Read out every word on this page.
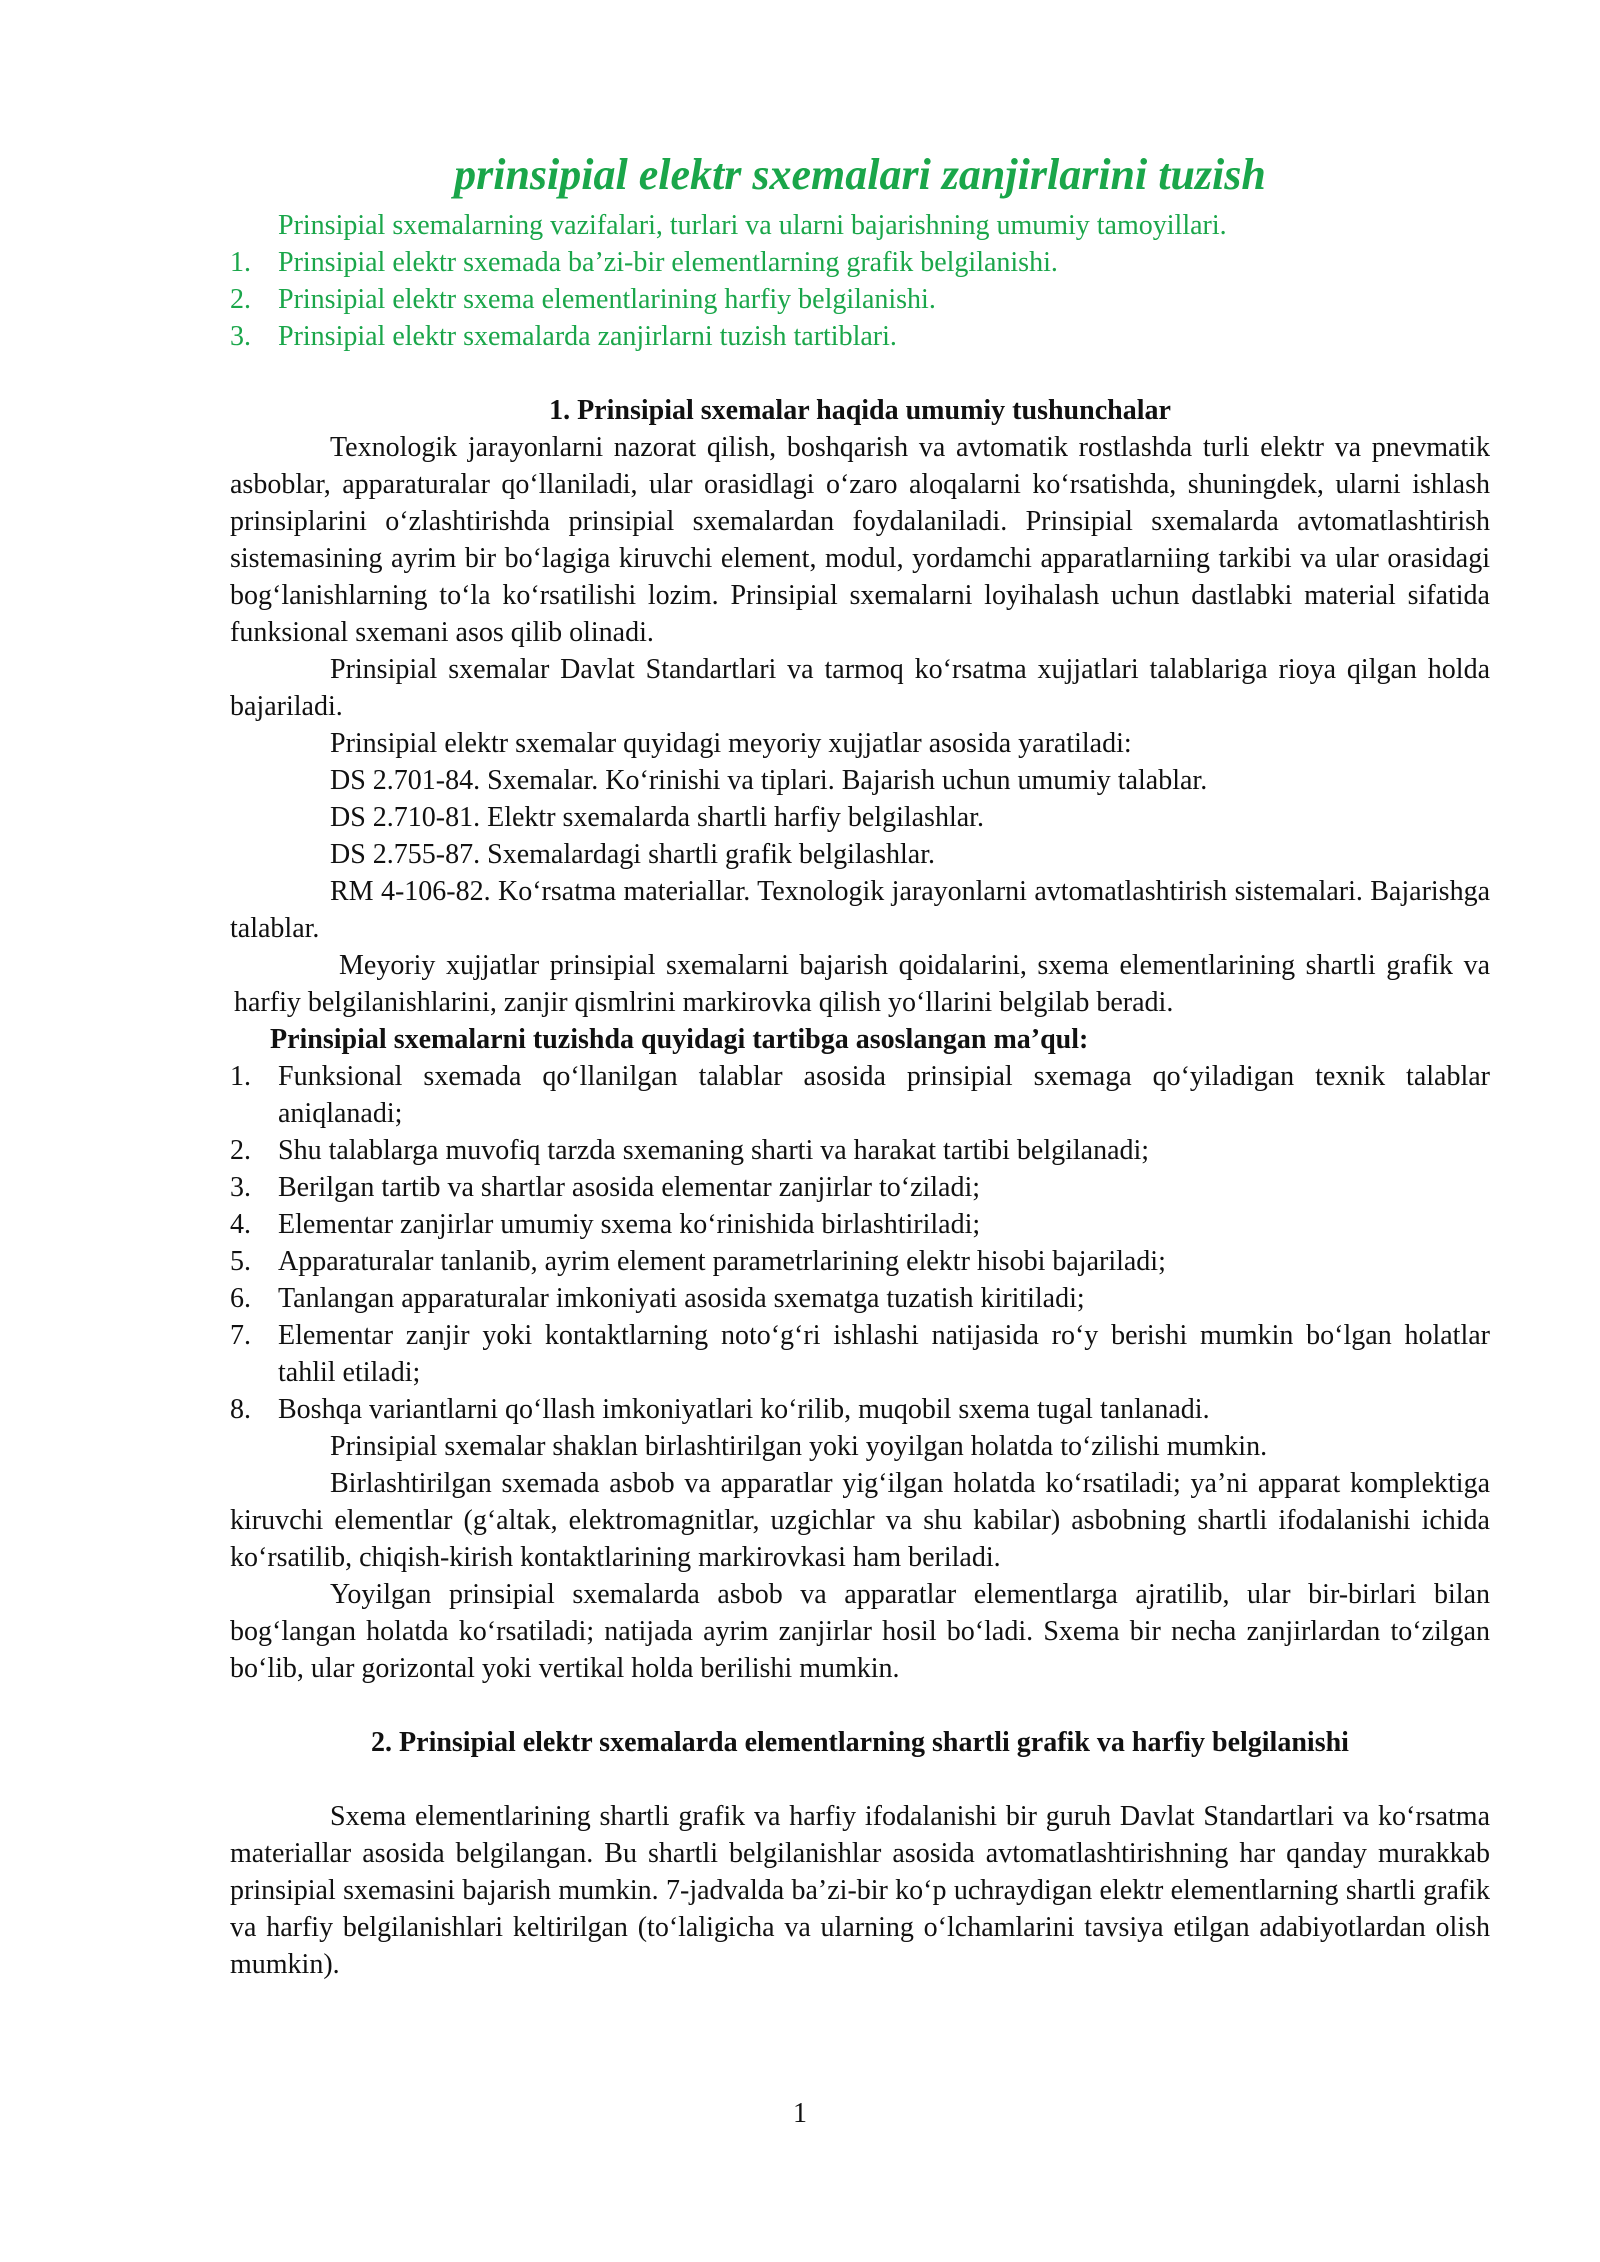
prinsipial elektr sxemalari zanjirlarini tuzish
Prinsipial sxemalarning vazifalari, turlari va ularni bajarishning umumiy tamoyillari.
1. Prinsipial elektr sxemada ba’zi-bir elementlarning grafik belgilanishi.
2. Prinsipial elektr sxema elementlarining harfiy belgilanishi.
3. Prinsipial elektr sxemalarda zanjirlarni tuzish tartiblari.
1. Prinsipial sxemalar haqida umumiy tushunchalar

Texnologik jarayonlarni nazorat qilish, boshqarish va avtomatik rostlashda turli elektr va pnevmatik asboblar, apparaturalar qo‘llaniladi, ular orasidlagi o‘zaro aloqalarni ko‘rsatishda, shuningdek, ularni ishlash prinsiplarini o‘zlashtirishda prinsipial sxemalardan foydalaniladi. Prinsipial sxemalarda avtomatlashtirish sistemasining ayrim bir bo‘lagiga kiruvchi element, modul, yordamchi apparatlarniing tarkibi va ular orasidagi bog‘lanishlarning to‘la ko‘rsatilishi lozim. Prinsipial sxemalarni loyihalash uchun dastlabki material sifatida funksional sxemani asos qilib olinadi.

Prinsipial sxemalar Davlat Standartlari va tarmoq ko‘rsatma xujjatlari talablariga rioya qilgan holda bajariladi.

Prinsipial elektr sxemalar quyidagi meyoriy xujjatlar asosida yaratiladi:

DS 2.701-84. Sxemalar. Ko‘rinishi va tiplari. Bajarish uchun umumiy talablar.

DS 2.710-81. Elektr sxemalarda shartli harfiy belgilashlar.

DS 2.755-87. Sxemalardagi shartli grafik belgilashlar.

RM 4-106-82. Ko‘rsatma materiallar. Texnologik jarayonlarni avtomatlashtirish sistemalari. Bajarishga talablar.

Meyoriy xujjatlar prinsipial sxemalarni bajarish qoidalarini, sxema elementlarining shartli grafik va harfiy belgilanishlarini, zanjir qismlrini markirovka qilish yo‘llarini belgilab beradi.

Prinsipial sxemalarni tuzishda quyidagi tartibga asoslangan ma’qul:
1. Funksional sxemada qo‘llanilgan talablar asosida prinsipial sxemaga qo‘yiladigan texnik talablar aniqlanadi;
2. Shu talablarga muvofiq tarzda sxemaning sharti va harakat tartibi belgilanadi;
3. Berilgan tartib va shartlar asosida elementar zanjirlar to‘ziladi;
4. Elementar zanjirlar umumiy sxema ko‘rinishida birlashtiriladi;
5. Apparaturalar tanlanib, ayrim element parametrlarining elektr hisobi bajariladi;
6. Tanlangan apparaturalar imkoniyati asosida sxematga tuzatish kiritiladi;
7. Elementar zanjir yoki kontaktlarning noto‘g‘ri ishlashi natijasida ro‘y berishi mumkin bo‘lgan holatlar tahlil etiladi;
8. Boshqa variantlarni qo‘llash imkoniyatlari ko‘rilib, muqobil sxema tugal tanlanadi.

Prinsipial sxemalar shaklan birlashtirilgan yoki yoyilgan holatda to‘zilishi mumkin.

Birlashtirilgan sxemada asbob va apparatlar yig‘ilgan holatda ko‘rsatiladi; ya’ni apparat komplektiga kiruvchi elementlar (g‘altak, elektromagnitlar, uzgichlar va shu kabilar) asbobning shartli ifodalanishi ichida ko‘rsatilib, chiqish-kirish kontaktlarining markirovkasi ham beriladi.

Yoyilgan prinsipial sxemalarda asbob va apparatlar elementlarga ajratilib, ular bir-birlari bilan bog‘langan holatda ko‘rsatiladi; natijada ayrim zanjirlar hosil bo‘ladi. Sxema bir necha zanjirlardan to‘zilgan bo‘lib, ular gorizontal yoki vertikal holda berilishi mumkin.

2. Prinsipial elektr sxemalarda elementlarning shartli grafik va harfiy belgilanishi

Sxema elementlarining shartli grafik va harfiy ifodalanishi bir guruh Davlat Standartlari va ko‘rsatma materiallar asosida belgilangan. Bu shartli belgilanishlar asosida avtomatlashtirishning har qanday murakkab prinsipial sxemasini bajarish mumkin. 7-jadvalda ba’zi-bir ko‘p uchraydigan elektr elementlarning shartli grafik va harfiy belgilanishlari keltirilgan (to‘laligicha va ularning o‘lchamlarini tavsiya etilgan adabiyotlardan olish mumkin).

1
